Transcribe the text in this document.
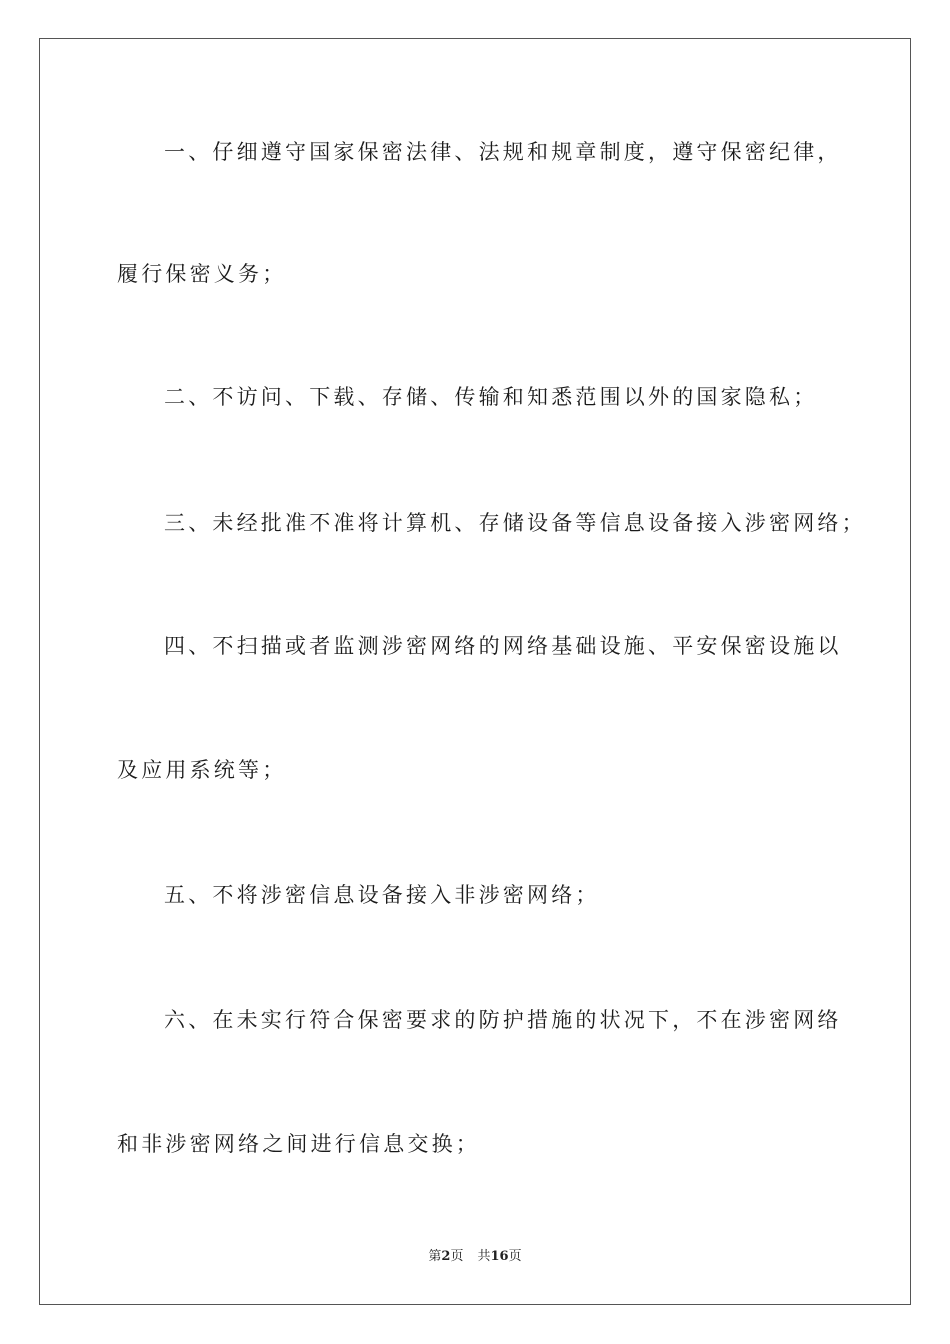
一、仔细遵守国家保密法律、法规和规章制度，遵守保密纪律，
履行保密义务；
二、不访问、下载、存储、传输和知悉范围以外的国家隐私；
三、未经批准不准将计算机、存储设备等信息设备接入涉密网络；
四、不扫描或者监测涉密网络的网络基础设施、平安保密设施以
及应用系统等；
五、不将涉密信息设备接入非涉密网络；
六、在未实行符合保密要求的防护措施的状况下，不在涉密网络
和非涉密网络之间进行信息交换；
第2页 共16页
